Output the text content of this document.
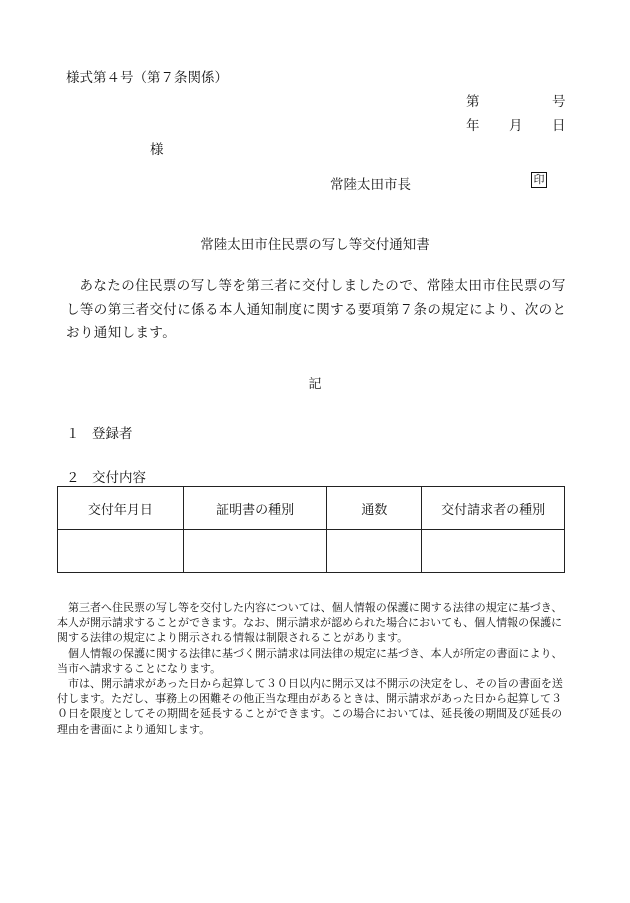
様式第４号（第７条関係）
第	号
年 月 日
様
常陸太田市長	印
常陸太田市住民票の写し等交付通知書
あなたの住民票の写し等を第三者に交付しましたので、常陸太田市住民票の写し等の第三者交付に係る本人通知制度に関する要項第７条の規定により、次のとおり通知します。
記
１ 登録者
２ 交付内容
交付年月日	証明書の種別	通数	交付請求者の種別

第三者へ住民票の写し等を交付した内容については、個人情報の保護に関する法律の規定に基づき、本人が開示請求することができます。なお、開示請求が認められた場合においても、個人情報の保護に関する法律の規定により開示される情報は制限されることがあります。

個人情報の保護に関する法律に基づく開示請求は同法律の規定に基づき、本人が所定の書面により、当市へ請求することになります。

市は、開示請求があった日から起算して３０日以内に開示又は不開示の決定をし、その旨の書面を送付します。ただし、事務上の困難その他正当な理由があるときは、開示請求があった日から起算して３０日を限度としてその期間を延長することができます。この場合においては、延長後の期間及び延長の理由を書面により通知します。
